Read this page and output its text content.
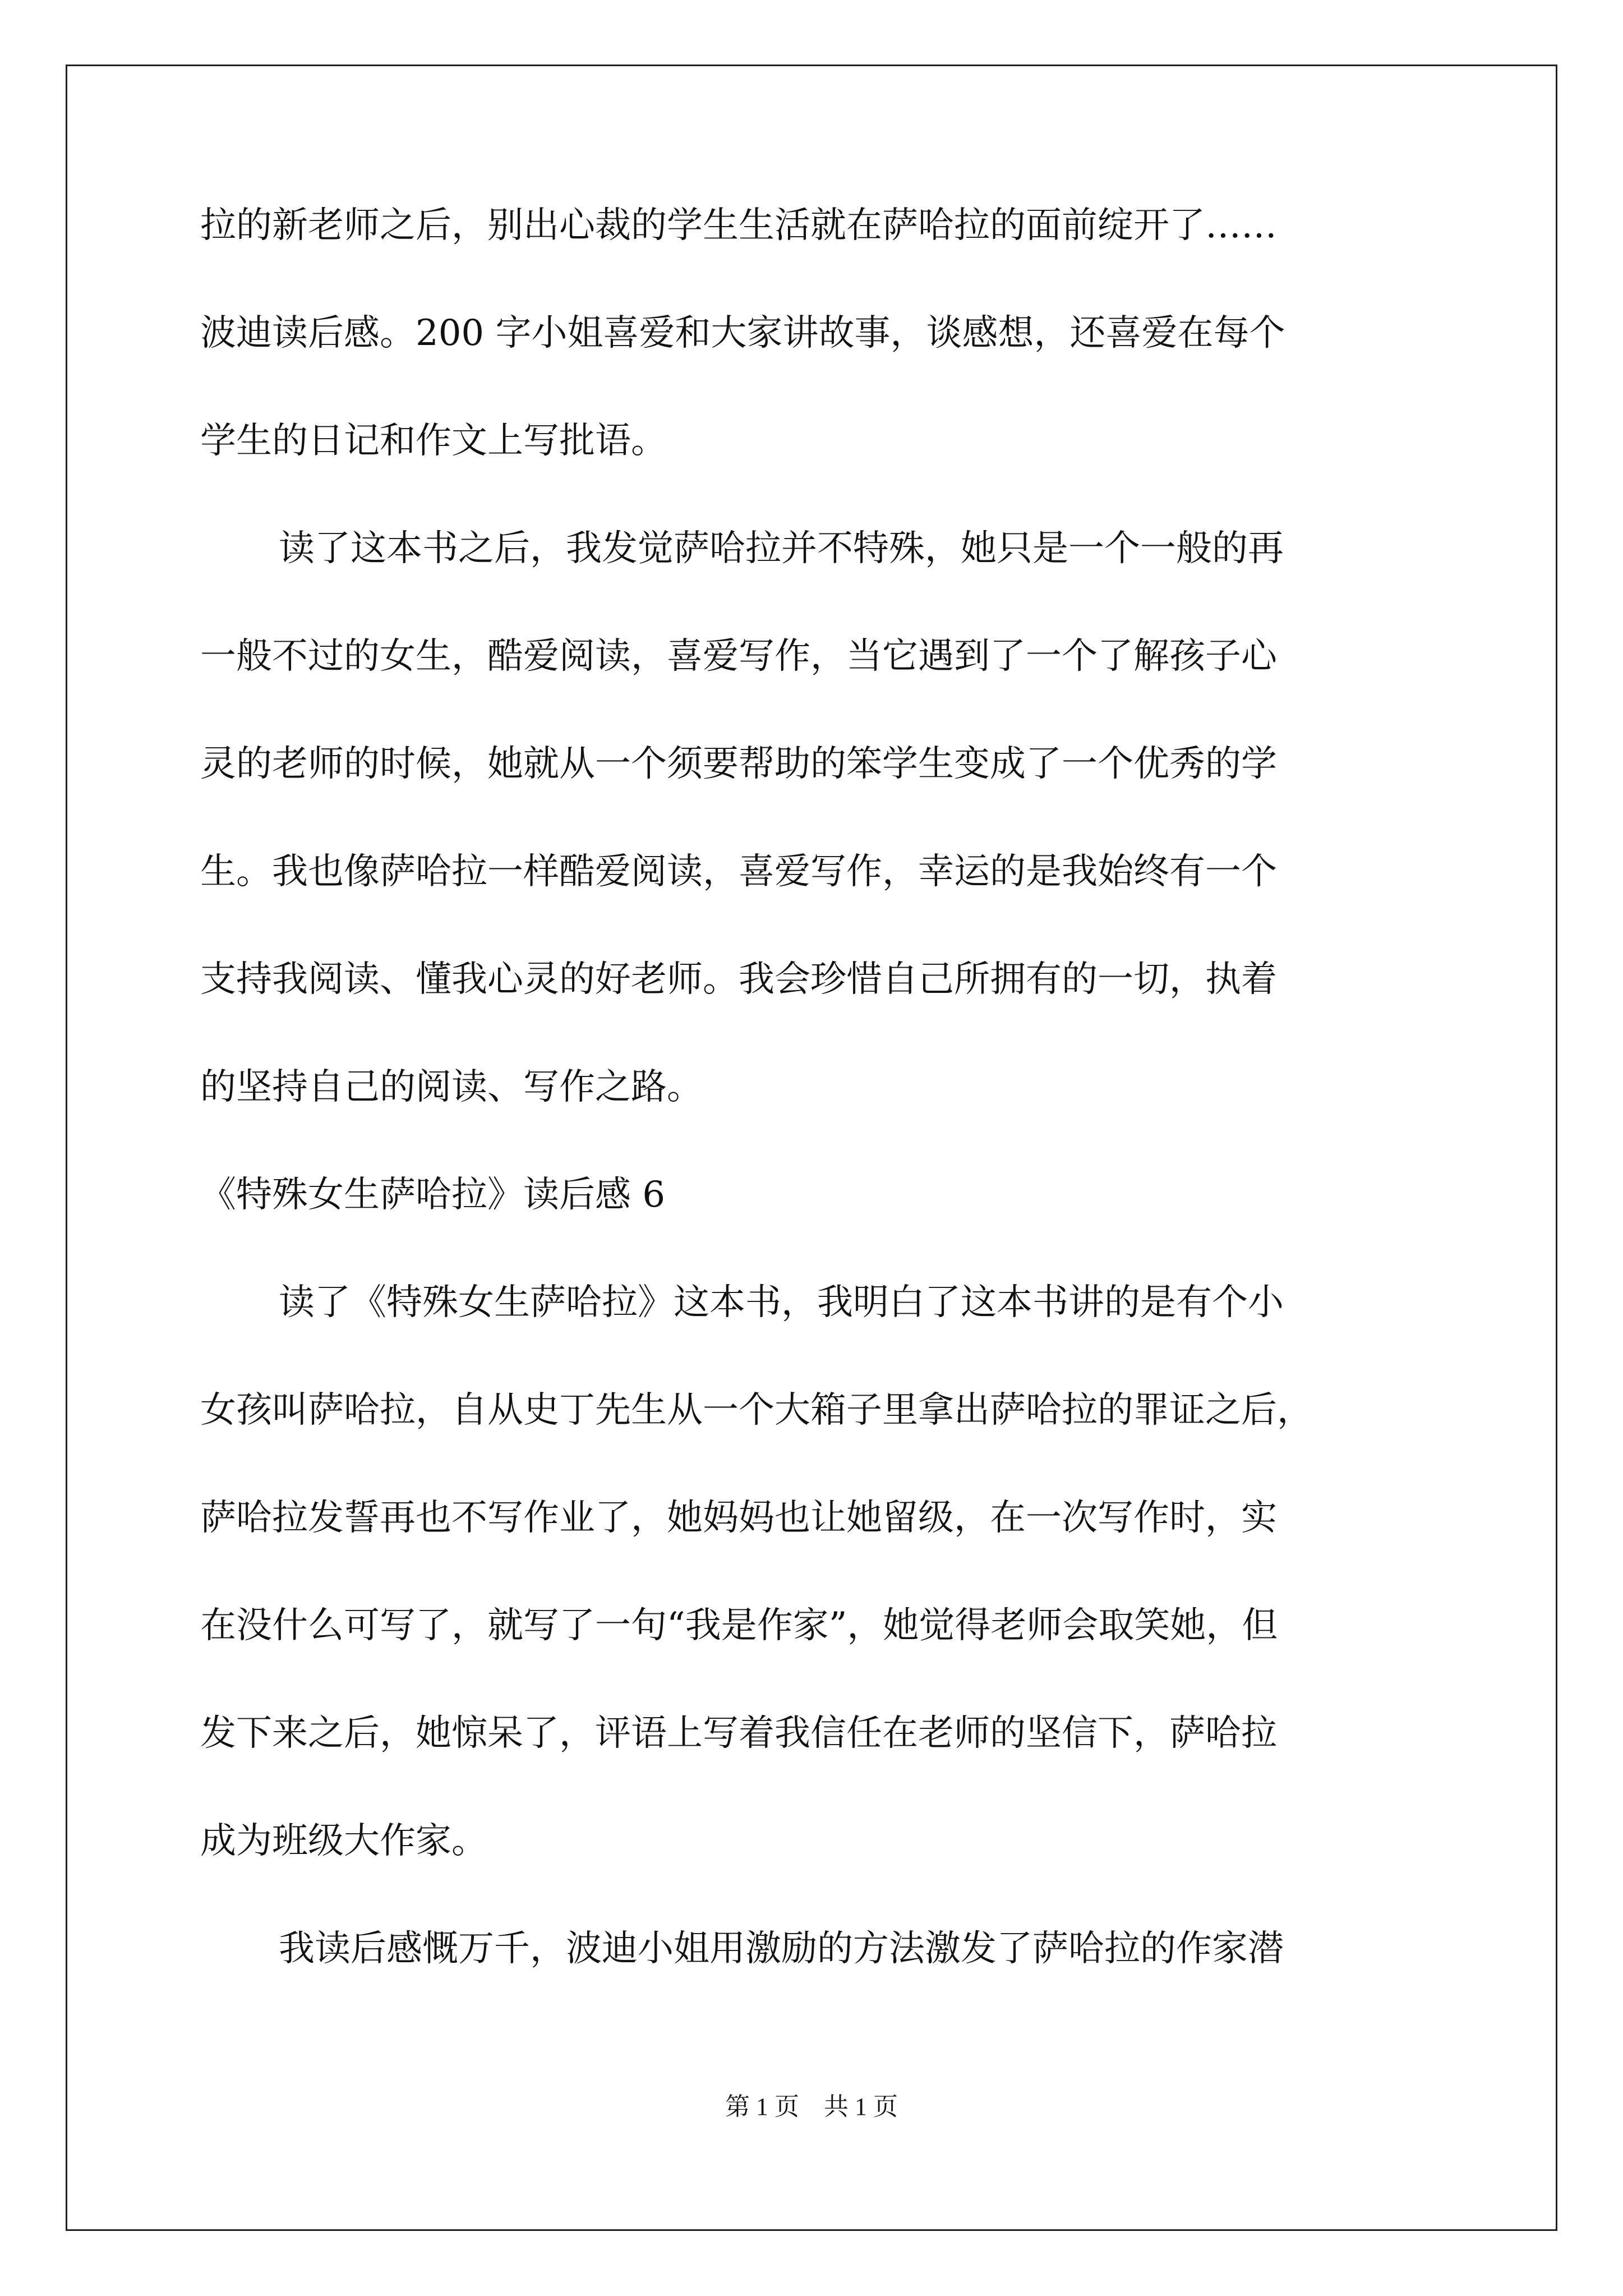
拉的新老师之后，别出心裁的学生生活就在萨哈拉的面前绽开了……
波迪读后感。200 字小姐喜爱和大家讲故事，谈感想，还喜爱在每个
学生的日记和作文上写批语。
读了这本书之后，我发觉萨哈拉并不特殊，她只是一个一般的再
一般不过的女生，酷爱阅读，喜爱写作，当它遇到了一个了解孩子心
灵的老师的时候，她就从一个须要帮助的笨学生变成了一个优秀的学
生。我也像萨哈拉一样酷爱阅读，喜爱写作，幸运的是我始终有一个
支持我阅读、懂我心灵的好老师。我会珍惜自己所拥有的一切，执着
的坚持自己的阅读、写作之路。
《特殊女生萨哈拉》读后感 6
读了《特殊女生萨哈拉》这本书，我明白了这本书讲的是有个小
女孩叫萨哈拉，自从史丁先生从一个大箱子里拿出萨哈拉的罪证之后，
萨哈拉发誓再也不写作业了，她妈妈也让她留级，在一次写作时，实
在没什么可写了，就写了一句“我是作家”，她觉得老师会取笑她，但
发下来之后，她惊呆了，评语上写着我信任在老师的坚信下，萨哈拉
成为班级大作家。
我读后感慨万千，波迪小姐用激励的方法激发了萨哈拉的作家潜
第 1 页 共 1 页
